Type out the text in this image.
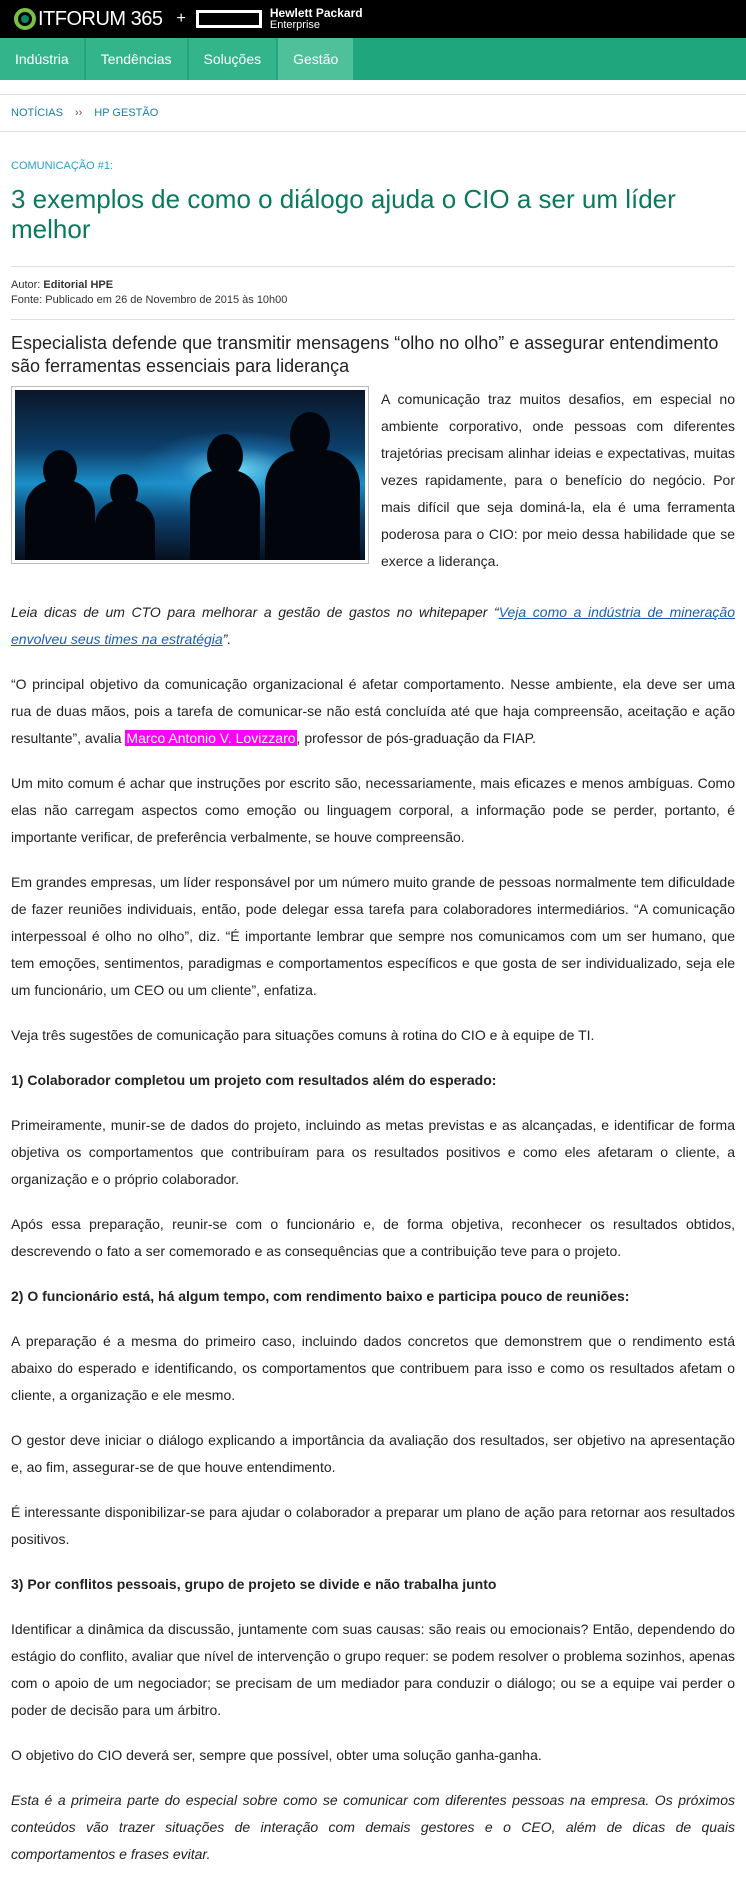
ITFORUM 365 +	Hewlett Packard
Enterprise
Indústria	Tendências	Soluções	Gestão
NOTÍCIAS ›› HP GESTÃO
COMUNICAÇÃO #1:
3 exemplos de como o diálogo ajuda o CIO a ser um líder melhor
Autor: Editorial HPE
Fonte: Publicado em 26 de Novembro de 2015 às 10h00
Especialista defende que transmitir mensagens “olho no olho” e assegurar entendimento são ferramentas essenciais para liderança

A comunicação traz muitos desafios, em especial no ambiente corporativo, onde pessoas com diferentes trajetórias precisam alinhar ideias e expectativas, muitas vezes rapidamente, para o benefício do negócio. Por mais difícil que seja dominá-la, ela é uma ferramenta poderosa para o CIO: por meio dessa habilidade que se exerce a liderança.

Leia dicas de um CTO para melhorar a gestão de gastos no whitepaper “Veja como a indústria de mineração envolveu seus times na estratégia”.

“O principal objetivo da comunicação organizacional é afetar comportamento. Nesse ambiente, ela deve ser uma rua de duas mãos, pois a tarefa de comunicar-se não está concluída até que haja compreensão, aceitação e ação resultante”, avalia Marco Antonio V. Lovizzaro, professor de pós-graduação da FIAP.

Um mito comum é achar que instruções por escrito são, necessariamente, mais eficazes e menos ambíguas. Como elas não carregam aspectos como emoção ou linguagem corporal, a informação pode se perder, portanto, é importante verificar, de preferência verbalmente, se houve compreensão.

Em grandes empresas, um líder responsável por um número muito grande de pessoas normalmente tem dificuldade de fazer reuniões individuais, então, pode delegar essa tarefa para colaboradores intermediários. “A comunicação interpessoal é olho no olho”, diz. “É importante lembrar que sempre nos comunicamos com um ser humano, que tem emoções, sentimentos, paradigmas e comportamentos específicos e que gosta de ser individualizado, seja ele um funcionário, um CEO ou um cliente”, enfatiza.

Veja três sugestões de comunicação para situações comuns à rotina do CIO e à equipe de TI.

1) Colaborador completou um projeto com resultados além do esperado:

Primeiramente, munir-se de dados do projeto, incluindo as metas previstas e as alcançadas, e identificar de forma objetiva os comportamentos que contribuíram para os resultados positivos e como eles afetaram o cliente, a organização e o próprio colaborador.

Após essa preparação, reunir-se com o funcionário e, de forma objetiva, reconhecer os resultados obtidos, descrevendo o fato a ser comemorado e as consequências que a contribuição teve para o projeto.

2) O funcionário está, há algum tempo, com rendimento baixo e participa pouco de reuniões:

A preparação é a mesma do primeiro caso, incluindo dados concretos que demonstrem que o rendimento está abaixo do esperado e identificando, os comportamentos que contribuem para isso e como os resultados afetam o cliente, a organização e ele mesmo.

O gestor deve iniciar o diálogo explicando a importância da avaliação dos resultados, ser objetivo na apresentação e, ao fim, assegurar-se de que houve entendimento.

É interessante disponibilizar-se para ajudar o colaborador a preparar um plano de ação para retornar aos resultados positivos.

3) Por conflitos pessoais, grupo de projeto se divide e não trabalha junto

Identificar a dinâmica da discussão, juntamente com suas causas: são reais ou emocionais? Então, dependendo do estágio do conflito, avaliar que nível de intervenção o grupo requer: se podem resolver o problema sozinhos, apenas com o apoio de um negociador; se precisam de um mediador para conduzir o diálogo; ou se a equipe vai perder o poder de decisão para um árbitro.

O objetivo do CIO deverá ser, sempre que possível, obter uma solução ganha-ganha.

Esta é a primeira parte do especial sobre como se comunicar com diferentes pessoas na empresa. Os próximos conteúdos vão trazer situações de interação com demais gestores e o CEO, além de dicas de quais comportamentos e frases evitar.
